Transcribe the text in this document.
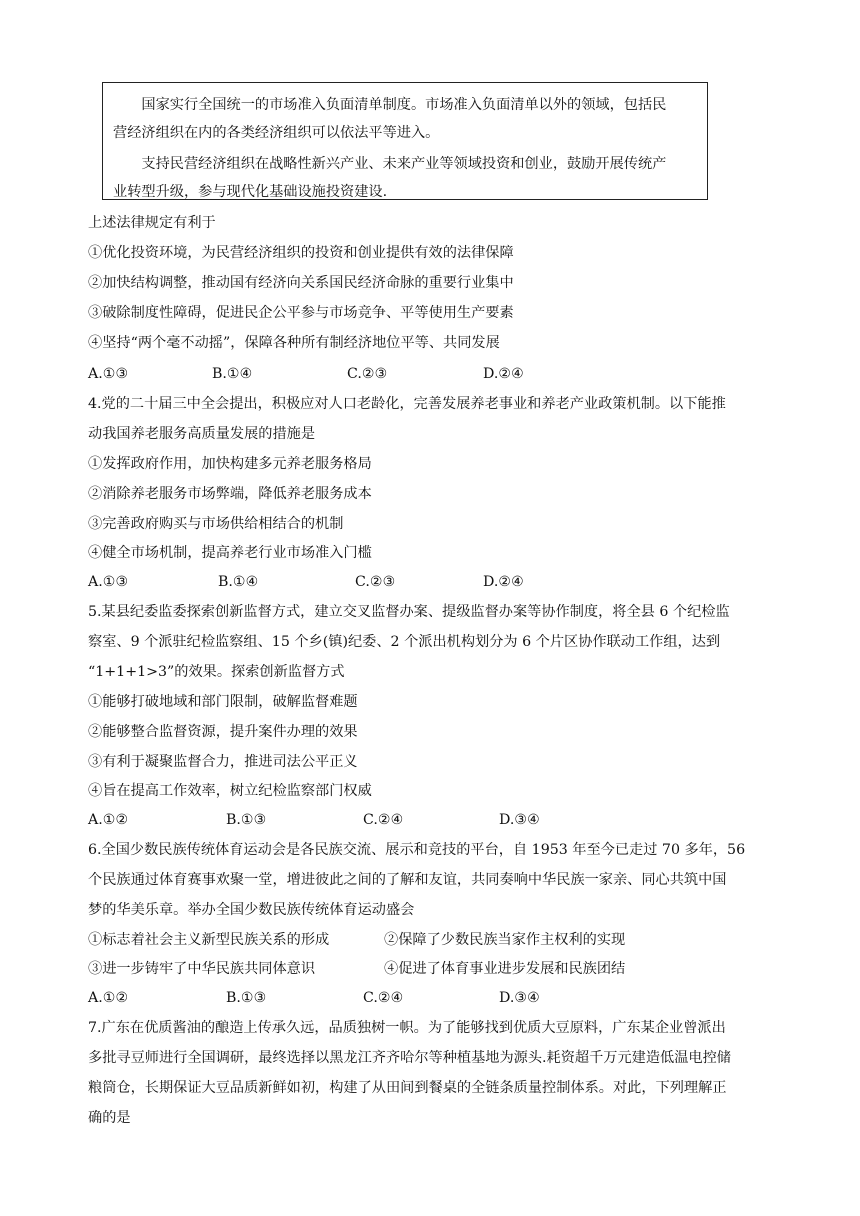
　　国家实行全国统一的市场准入负面清单制度。市场准入负面清单以外的领域，包括民

营经济组织在内的各类经济组织可以依法平等进入。

　　支持民营经济组织在战略性新兴产业、未来产业等领域投资和创业，鼓励开展传统产

业转型升级，参与现代化基础设施投资建设.

上述法律规定有利于

①优化投资环境，为民营经济组织的投资和创业提供有效的法律保障

②加快结构调整，推动国有经济向关系国民经济命脉的重要行业集中

③破除制度性障碍，促进民企公平参与市场竞争、平等使用生产要素

④坚持“两个毫不动摇”，保障各种所有制经济地位平等、共同发展

A.①③	B.①④	C.②③	D.②④

4.党的二十届三中全会提出，积极应对人口老龄化，完善发展养老事业和养老产业政策机制。以下能推

动我国养老服务高质量发展的措施是

①发挥政府作用，加快构建多元养老服务格局

②消除养老服务市场弊端，降低养老服务成本

③完善政府购买与市场供给相结合的机制

④健全市场机制，提高养老行业市场准入门槛

A.①③	B.①④	C.②③	D.②④

5.某县纪委监委探索创新监督方式，建立交叉监督办案、提级监督办案等协作制度，将全县 6 个纪检监

察室、9 个派驻纪检监察组、15 个乡(镇)纪委、2 个派出机构划分为 6 个片区协作联动工作组，达到

“1+1+1>3”的效果。探索创新监督方式

①能够打破地域和部门限制，破解监督难题

②能够整合监督资源，提升案件办理的效果

③有利于凝聚监督合力，推进司法公平正义

④旨在提高工作效率，树立纪检监察部门权威

A.①②	B.①③	C.②④	D.③④

6.全国少数民族传统体育运动会是各民族交流、展示和竞技的平台，自 1953 年至今已走过 70 多年，56

个民族通过体育赛事欢聚一堂，增进彼此之间的了解和友谊，共同奏响中华民族一家亲、同心共筑中国

梦的华美乐章。举办全国少数民族传统体育运动盛会

①标志着社会主义新型民族关系的形成	②保障了少数民族当家作主权利的实现

③进一步铸牢了中华民族共同体意识	④促进了体育事业进步发展和民族团结
A.①②	B.①③	C.②④	D.③④

7.广东在优质酱油的酿造上传承久远，品质独树一帜。为了能够找到优质大豆原料，广东某企业曾派出

多批寻豆师进行全国调研，最终选择以黑龙江齐齐哈尔等种植基地为源头.耗资超千万元建造低温电控储

粮筒仓，长期保证大豆品质新鲜如初，构建了从田间到餐桌的全链条质量控制体系。对此，下列理解正

确的是
